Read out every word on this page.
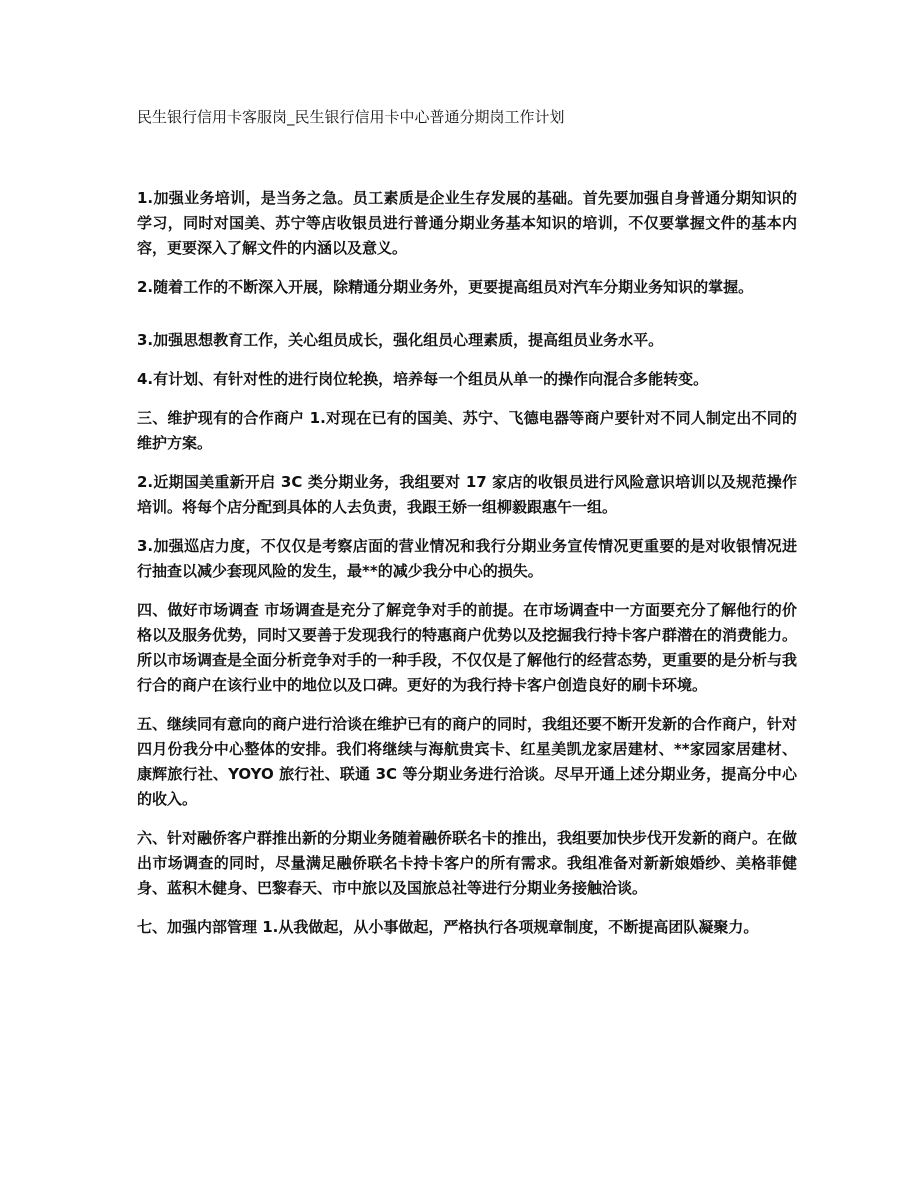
民生银行信用卡客服岗_民生银行信用卡中心普通分期岗工作计划

1.加强业务培训，是当务之急。员工素质是企业生存发展的基础。首先要加强自身普通分期知识的学习，同时对国美、苏宁等店收银员进行普通分期业务基本知识的培训，不仅要掌握文件的基本内容，更要深入了解文件的内涵以及意义。

2.随着工作的不断深入开展，除精通分期业务外，更要提高组员对汽车分期业务知识的掌握。

3.加强思想教育工作，关心组员成长，强化组员心理素质，提高组员业务水平。

4.有计划、有针对性的进行岗位轮换，培养每一个组员从单一的操作向混合多能转变。

三、维护现有的合作商户 1.对现在已有的国美、苏宁、飞德电器等商户要针对不同人制定出不同的维护方案。

2.近期国美重新开启 3C 类分期业务，我组要对 17 家店的收银员进行风险意识培训以及规范操作培训。将每个店分配到具体的人去负责，我跟王娇一组柳毅跟惠午一组。

3.加强巡店力度，不仅仅是考察店面的营业情况和我行分期业务宣传情况更重要的是对收银情况进行抽查以减少套现风险的发生，最**的减少我分中心的损失。

四、做好市场调查 市场调查是充分了解竞争对手的前提。在市场调查中一方面要充分了解他行的价格以及服务优势，同时又要善于发现我行的特惠商户优势以及挖掘我行持卡客户群潜在的消费能力。所以市场调查是全面分析竞争对手的一种手段，不仅仅是了解他行的经营态势，更重要的是分析与我行合的商户在该行业中的地位以及口碑。更好的为我行持卡客户创造良好的刷卡环境。

五、继续同有意向的商户进行洽谈在维护已有的商户的同时，我组还要不断开发新的合作商户，针对四月份我分中心整体的安排。我们将继续与海航贵宾卡、红星美凯龙家居建材、**家园家居建材、康辉旅行社、YOYO 旅行社、联通 3C 等分期业务进行洽谈。尽早开通上述分期业务，提高分中心的收入。

六、针对融侨客户群推出新的分期业务随着融侨联名卡的推出，我组要加快步伐开发新的商户。在做出市场调查的同时，尽量满足融侨联名卡持卡客户的所有需求。我组准备对新新娘婚纱、美格菲健身、蓝积木健身、巴黎春天、市中旅以及国旅总社等进行分期业务接触洽谈。

七、加强内部管理 1.从我做起，从小事做起，严格执行各项规章制度，不断提高团队凝聚力。
